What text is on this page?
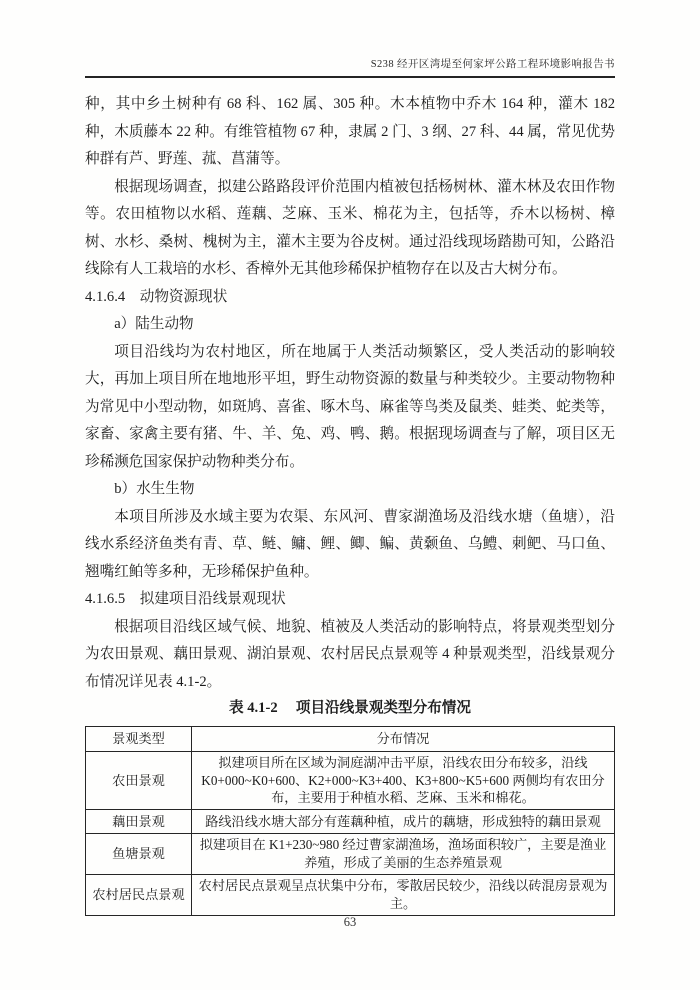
S238 经开区湾堤至何家坪公路工程环境影响报告书

种，其中乡土树种有 68 科、162 属、305 种。木本植物中乔木 164 种，灌木 182 种，木质藤本 22 种。有维管植物 67 种，隶属 2 门、3 纲、27 科、44 属，常见优势种群有芦、野莲、菰、菖蒲等。

根据现场调查，拟建公路路段评价范围内植被包括杨树林、灌木林及农田作物等。农田植物以水稻、莲藕、芝麻、玉米、棉花为主，包括等，乔木以杨树、樟树、水杉、桑树、槐树为主，灌木主要为谷皮树。通过沿线现场踏勘可知，公路沿线除有人工栽培的水杉、香樟外无其他珍稀保护植物存在以及古大树分布。

4.1.6.4　动物资源现状

a）陆生动物

项目沿线均为农村地区，所在地属于人类活动频繁区，受人类活动的影响较大，再加上项目所在地地形平坦，野生动物资源的数量与种类较少。主要动物物种为常见中小型动物，如斑鸠、喜雀、啄木鸟、麻雀等鸟类及鼠类、蛙类、蛇类等，家畜、家禽主要有猪、牛、羊、兔、鸡、鸭、鹅。根据现场调查与了解，项目区无珍稀濒危国家保护动物种类分布。

b）水生生物

本项目所涉及水域主要为农渠、东风河、曹家湖渔场及沿线水塘（鱼塘），沿线水系经济鱼类有青、草、鲢、鳙、鲤、鲫、鳊、黄颡鱼、乌鳢、刺鲃、马口鱼、翘嘴红鲌等多种，无珍稀保护鱼种。

4.1.6.5　拟建项目沿线景观现状

根据项目沿线区域气候、地貌、植被及人类活动的影响特点，将景观类型划分为农田景观、藕田景观、湖泊景观、农村居民点景观等 4 种景观类型，沿线景观分布情况详见表 4.1-2。

表 4.1-2　 项目沿线景观类型分布情况

景观类型	分布情况
农田景观	拟建项目所在区域为洞庭湖冲击平原，沿线农田分布较多，沿线K0+000~K0+600、K2+000~K3+400、K3+800~K5+600 两侧均有农田分布，主要用于种植水稻、芝麻、玉米和棉花。
藕田景观	路线沿线水塘大部分有莲藕种植，成片的藕塘，形成独特的藕田景观
鱼塘景观	拟建项目在 K1+230~980 经过曹家湖渔场，渔场面积较广，主要是渔业养殖，形成了美丽的生态养殖景观
农村居民点景观	农村居民点景观呈点状集中分布，零散居民较少，沿线以砖混房景观为主。
63
